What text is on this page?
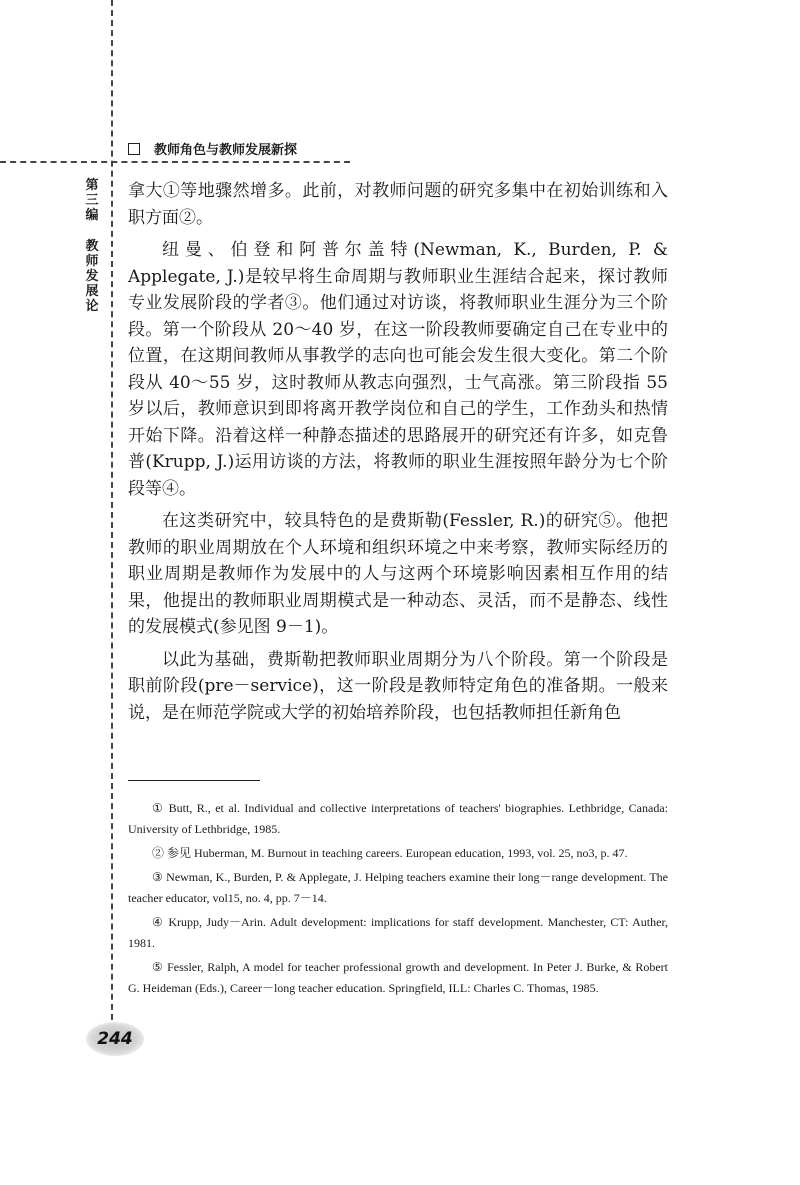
教师角色与教师发展新探
第三编
教师发展论

拿大①等地骤然增多。此前，对教师问题的研究多集中在初始训练和入职方面②。

纽曼、伯登和阿普尔盖特(Newman, K., Burden, P. & Applegate, J.)是较早将生命周期与教师职业生涯结合起来，探讨教师专业发展阶段的学者③。他们通过对访谈，将教师职业生涯分为三个阶段。第一个阶段从 20～40 岁，在这一阶段教师要确定自己在专业中的位置，在这期间教师从事教学的志向也可能会发生很大变化。第二个阶段从 40～55 岁，这时教师从教志向强烈，士气高涨。第三阶段指 55 岁以后，教师意识到即将离开教学岗位和自己的学生，工作劲头和热情开始下降。沿着这样一种静态描述的思路展开的研究还有许多，如克鲁普(Krupp, J.)运用访谈的方法，将教师的职业生涯按照年龄分为七个阶段等④。

在这类研究中，较具特色的是费斯勒(Fessler, R.)的研究⑤。他把教师的职业周期放在个人环境和组织环境之中来考察，教师实际经历的职业周期是教师作为发展中的人与这两个环境影响因素相互作用的结果，他提出的教师职业周期模式是一种动态、灵活，而不是静态、线性的发展模式(参见图 9－1)。

以此为基础，费斯勒把教师职业周期分为八个阶段。第一个阶段是职前阶段(pre－service)，这一阶段是教师特定角色的准备期。一般来说，是在师范学院或大学的初始培养阶段，也包括教师担任新角色

① Butt, R., et al. Individual and collective interpretations of teachers' biographies. Lethbridge, Canada: University of Lethbridge, 1985.

② 参见 Huberman, M. Burnout in teaching careers. European education, 1993, vol. 25, no3, p. 47.

③ Newman, K., Burden, P. & Applegate, J. Helping teachers examine their long－range development. The teacher educator, vol15, no. 4, pp. 7－14.

④ Krupp, Judy－Arin. Adult development: implications for staff development. Manchester, CT: Auther, 1981.

⑤ Fessler, Ralph, A model for teacher professional growth and development. In Peter J. Burke, & Robert G. Heideman (Eds.), Career－long teacher education. Springfield, ILL: Charles C. Thomas, 1985.

244
